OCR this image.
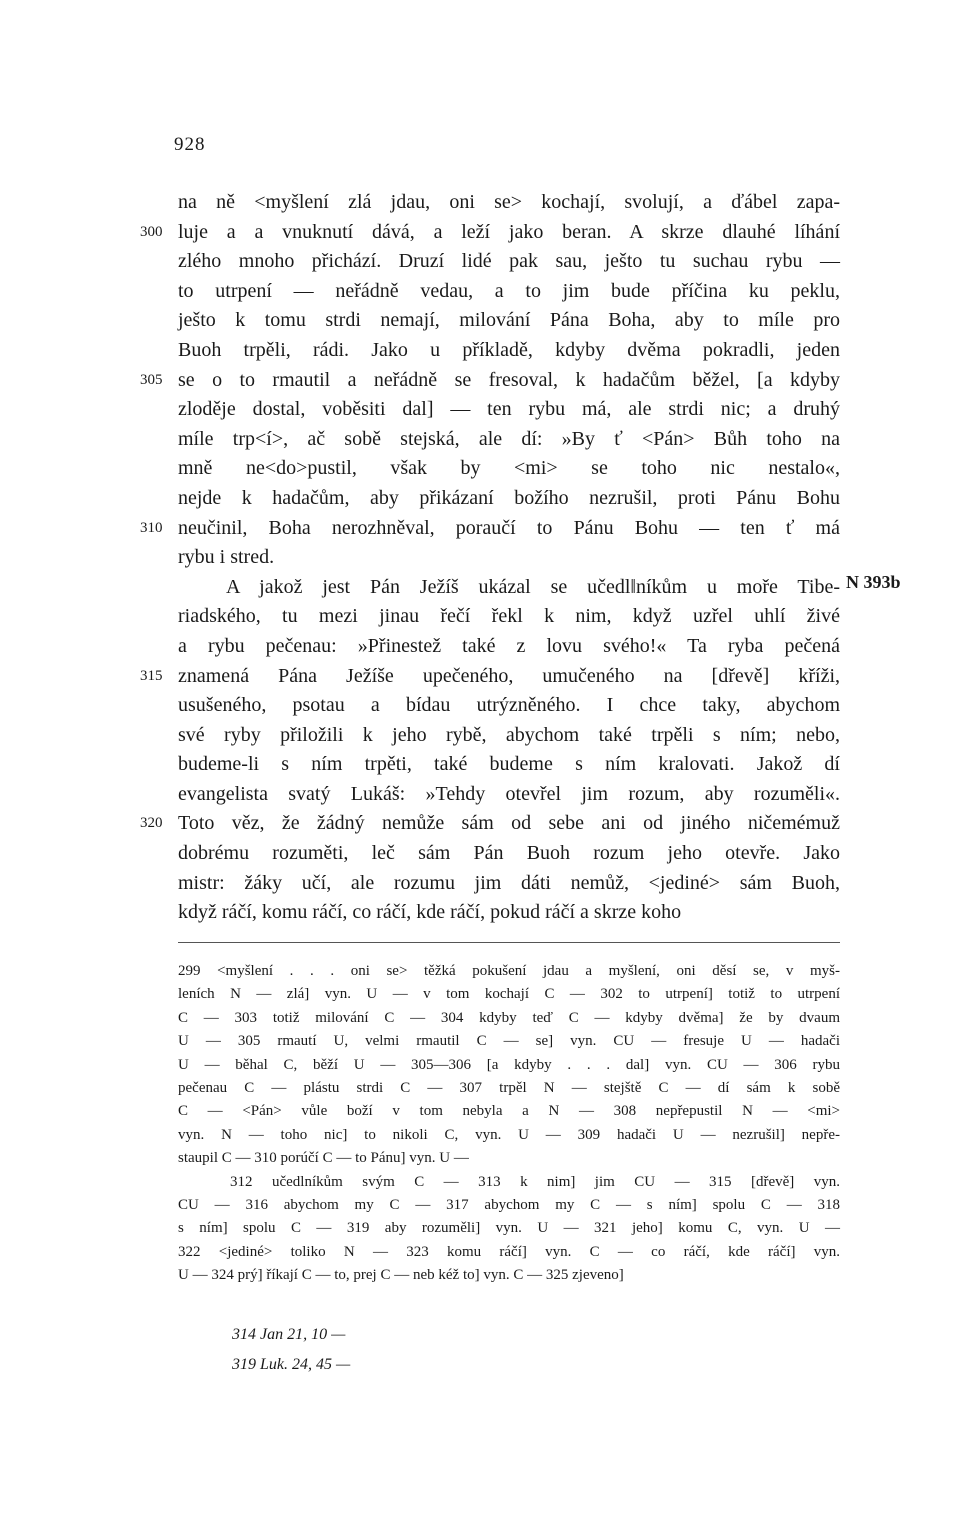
928
N 393b
na ně <myšlení zlá jdau, oni se> kochají, svolují, a ďábel zapa-
300 luje a a vnuknutí dává, a leží jako beran. A skrze dlauhé líhání
zlého mnoho přichází. Druzí lidé pak sau, ješto tu suchau rybu —
to utrpení — neřádně vedau, a to jim bude příčina ku peklu,
ješto k tomu strdi nemají, milování Pána Boha, aby to míle pro
Buoh trpěli, rádi. Jako u příkladě, kdyby dvěma pokradli, jeden
305 se o to rmautil a neřádně se fresoval, k hadačům běžel, [a kdyby
zloděje dostal, voběsiti dal] — ten rybu má, ale strdi nic; a druhý
míle trp<í>, ač sobě stejská, ale dí: »By ť <Pán> Bůh toho na
mně ne<do>pustil, však by <mi> se toho nic nestalo«,
nejde k hadačům, aby přikázaní božího nezrušil, proti Pánu Bohu
310 neučinil, Boha nerozhněval, poraučí to Pánu Bohu — ten ť má
rybu i stred.
A jakož jest Pán Ježíš ukázal se učedl‖níkům u moře Tibe-
riadského, tu mezi jinau řečí řekl k nim, když uzřel uhlí živé
a rybu pečenau: »Přinestež také z lovu svého!« Ta ryba pečená
315 znamená Pána Ježíše upečeného, umučeného na [dřevě] kříži,
usušeného, psotau a bídau utrýzněného. I chce taky, abychom
své ryby přiložili k jeho rybě, abychom také trpěli s ním; nebo,
budeme-li s ním trpěti, také budeme s ním kralovati. Jakož dí
evangelista svatý Lukáš: »Tehdy otevřel jim rozum, aby rozuměli«.
320 Toto věz, že žádný nemůže sám od sebe ani od jiného ničemémuž
dobrému rozuměti, leč sám Pán Buoh rozum jeho otevře. Jako
mistr: žáky učí, ale rozumu jim dáti nemůž, <jediné> sám Buoh,
když ráčí, komu ráčí, co ráčí, kde ráčí, pokud ráčí a skrze koho
299 <myšlení . . . oni se> těžká pokušení jdau a myšlení, oni děsí se, v myš-
leních N — zlá] vyn. U — v tom kochají C — 302 to utrpení] totiž to utrpení
C — 303 totiž milování C — 304 kdyby teď C — kdyby dvěma] že by dvaum
U — 305 rmautí U, velmi rmautil C — se] vyn. CU — fresuje U — hadači
U — běhal C, běží U — 305—306 [a kdyby . . . dal] vyn. CU — 306 rybu
pečenau C — plástu strdi C — 307 trpěl N — stejště C — dí sám k sobě
C — <Pán> vůle boží v tom nebyla a N — 308 nepřepustil N — <mi>
vyn. N — toho nic] to nikoli C, vyn. U — 309 hadači U — nezrušil] nepře-
staupil C — 310 porúčí C — to Pánu] vyn. U —
312 učedlníkům svým C — 313 k nim] jim CU — 315 [dřevě] vyn.
CU — 316 abychom my C — 317 abychom my C — s ním] spolu C — 318
s ním] spolu C — 319 aby rozuměli] vyn. U — 321 jeho] komu C, vyn. U —
322 <jediné> toliko N — 323 komu ráčí] vyn. C — co ráčí, kde ráčí] vyn.
U — 324 prý] říkají C — to, prej C — neb kéž to] vyn. C — 325 zjeveno]
314 Jan 21, 10 —
319 Luk. 24, 45 —
